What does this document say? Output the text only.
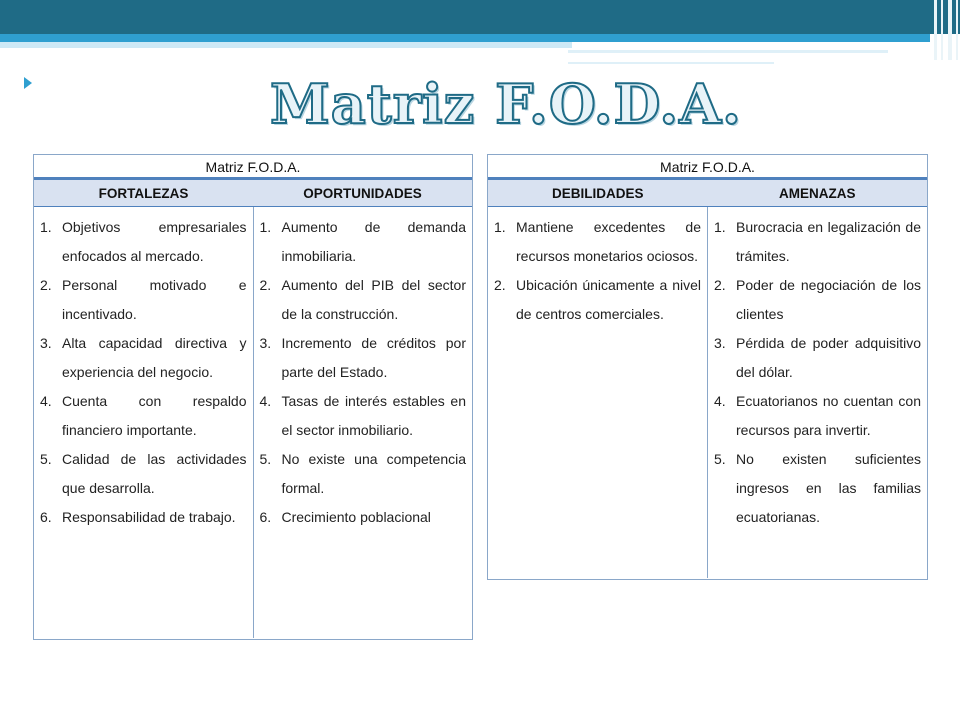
Matriz F.O.D.A.
Matriz F.O.D.A.
FORTALEZAS	OPORTUNIDADES
1. Objetivos empresariales enfocados al mercado.
2. Personal motivado e incentivado.
3. Alta capacidad directiva y experiencia del negocio.
4. Cuenta con respaldo financiero importante.
5. Calidad de las actividades que desarrolla.
6. Responsabilidad de trabajo.
1. Aumento de demanda inmobiliaria.
2. Aumento del PIB del sector de la construcción.
3. Incremento de créditos por parte del Estado.
4. Tasas de interés estables en el sector inmobiliario.
5. No existe una competencia formal.
6. Crecimiento poblacional
Matriz F.O.D.A.
DEBILIDADES	AMENAZAS
1. Mantiene excedentes de recursos monetarios ociosos.
2. Ubicación únicamente a nivel de centros comerciales.
1. Burocracia en legalización de trámites.
2. Poder de negociación de los clientes
3. Pérdida de poder adquisitivo del dólar.
4. Ecuatorianos no cuentan con recursos para invertir.
5. No existen suficientes ingresos en las familias ecuatorianas.
